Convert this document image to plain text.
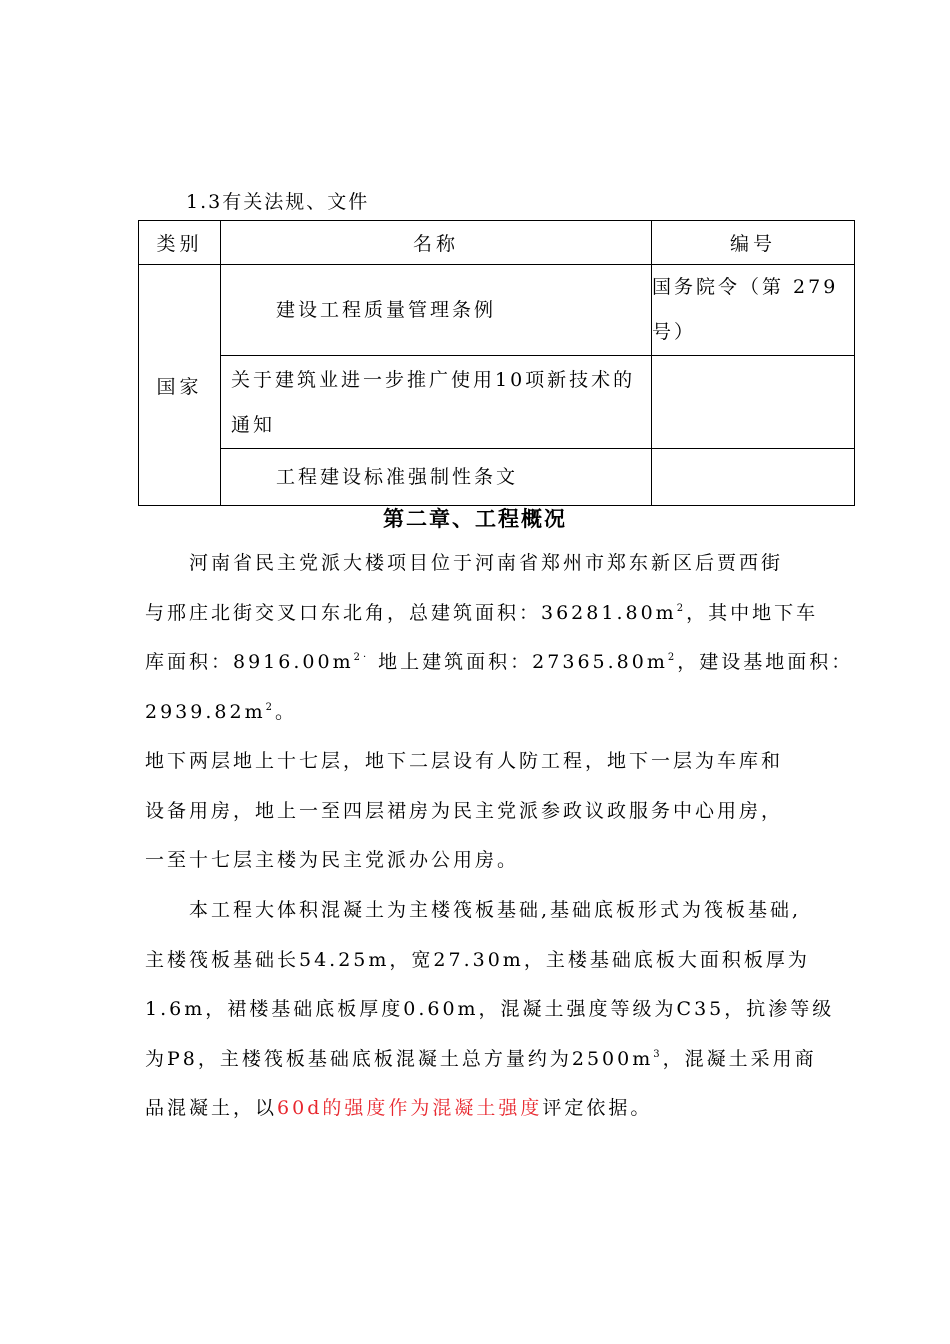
1.3有关法规、文件
类别	名称	编号
国家	建设工程质量管理条例	国务院令（第 279
号）
	关于建筑业进一步推广使用10项新技术的
通知	
	工程建设标准强制性条文	
第二章、工程概况

　　河南省民主党派大楼项目位于河南省郑州市郑东新区后贾西街
与邢庄北街交叉口东北角，总建筑面积：$36281.80m^2$，其中地下车
库面积：$8916.00m^{2\cdot}$ 地上建筑面积：$27365.80m^2$，建设基地面积：
$2939.82m^2$。

地下两层地上十七层，地下二层设有人防工程，地下一层为车库和
设备用房，地上一至四层裙房为民主党派参政议政服务中心用房，
一至十七层主楼为民主党派办公用房。

　　本工程大体积混凝土为主楼筏板基础,基础底板形式为筏板基础,
主楼筏板基础长54.25m，宽27.30m，主楼基础底板大面积板厚为
1.6m，裙楼基础底板厚度0.60m，混凝土强度等级为C35，抗渗等级
为P8，主楼筏板基础底板混凝土总方量约为$2500m^3$，混凝土采用商
品混凝土，以60d的强度作为混凝土强度评定依据。
